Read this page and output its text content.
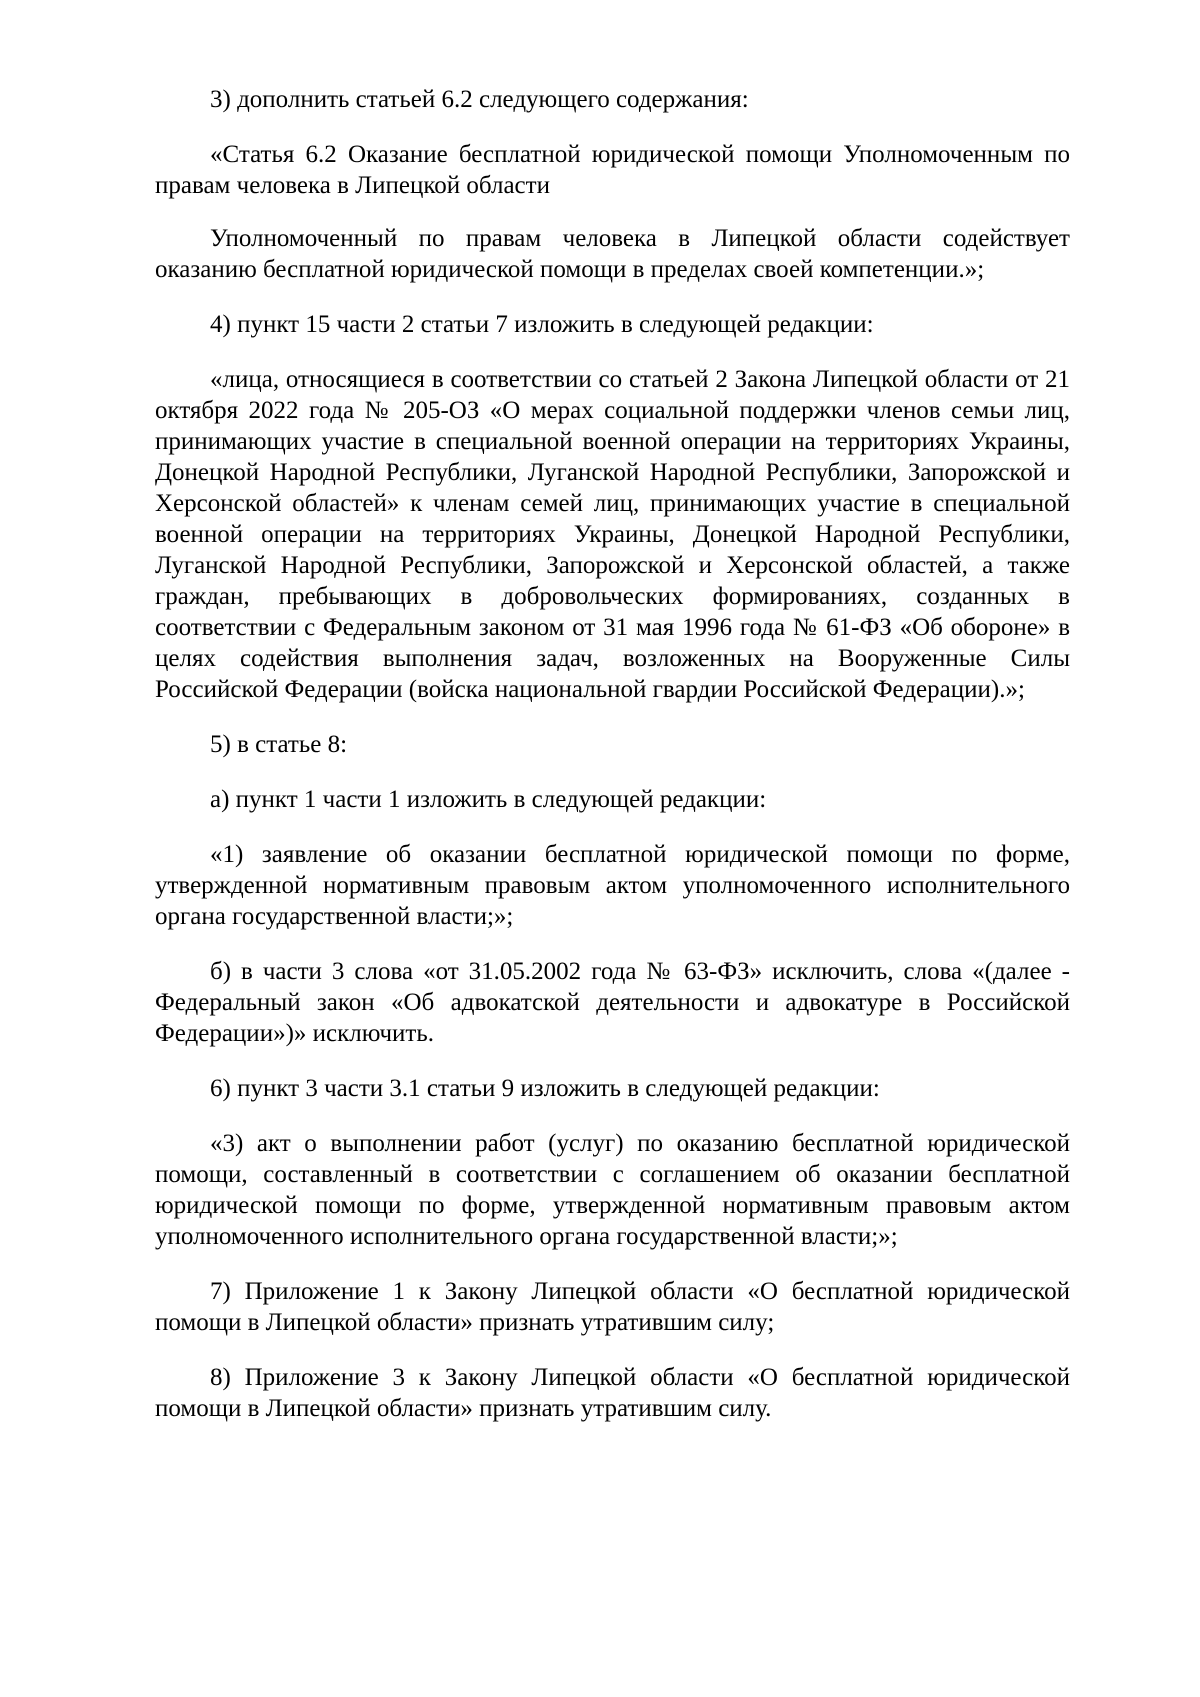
3) дополнить статьей 6.2 следующего содержания:

«Статья 6.2 Оказание бесплатной юридической помощи Уполномоченным по правам человека в Липецкой области

Уполномоченный по правам человека в Липецкой области содействует оказанию бесплатной юридической помощи в пределах своей компетенции.»;

4) пункт 15 части 2 статьи 7 изложить в следующей редакции:

«лица, относящиеся в соответствии со статьей 2 Закона Липецкой области от 21 октября 2022 года № 205-ОЗ «О мерах социальной поддержки членов семьи лиц, принимающих участие в специальной военной операции на территориях Украины, Донецкой Народной Республики, Луганской Народной Республики, Запорожской и Херсонской областей» к членам семей лиц, принимающих участие в специальной военной операции на территориях Украины, Донецкой Народной Республики, Луганской Народной Республики, Запорожской и Херсонской областей, а также граждан, пребывающих в добровольческих формированиях, созданных в соответствии с Федеральным законом от 31 мая 1996 года № 61-ФЗ «Об обороне» в целях содействия выполнения задач, возложенных на Вооруженные Силы Российской Федерации (войска национальной гвардии Российской Федерации).»;

5) в статье 8:

а) пункт 1 части 1 изложить в следующей редакции:

«1) заявление об оказании бесплатной юридической помощи по форме, утвержденной нормативным правовым актом уполномоченного исполнительного органа государственной власти;»;

б) в части 3 слова «от 31.05.2002 года № 63-ФЗ» исключить, слова «(далее - Федеральный закон «Об адвокатской деятельности и адвокатуре в Российской Федерации»)» исключить.

6) пункт 3 части 3.1 статьи 9 изложить в следующей редакции:

«3) акт о выполнении работ (услуг) по оказанию бесплатной юридической помощи, составленный в соответствии с соглашением об оказании бесплатной юридической помощи по форме, утвержденной нормативным правовым актом уполномоченного исполнительного органа государственной власти;»;

7) Приложение 1 к Закону Липецкой области «О бесплатной юридической помощи в Липецкой области» признать утратившим силу;

8) Приложение 3 к Закону Липецкой области «О бесплатной юридической помощи в Липецкой области» признать утратившим силу.
